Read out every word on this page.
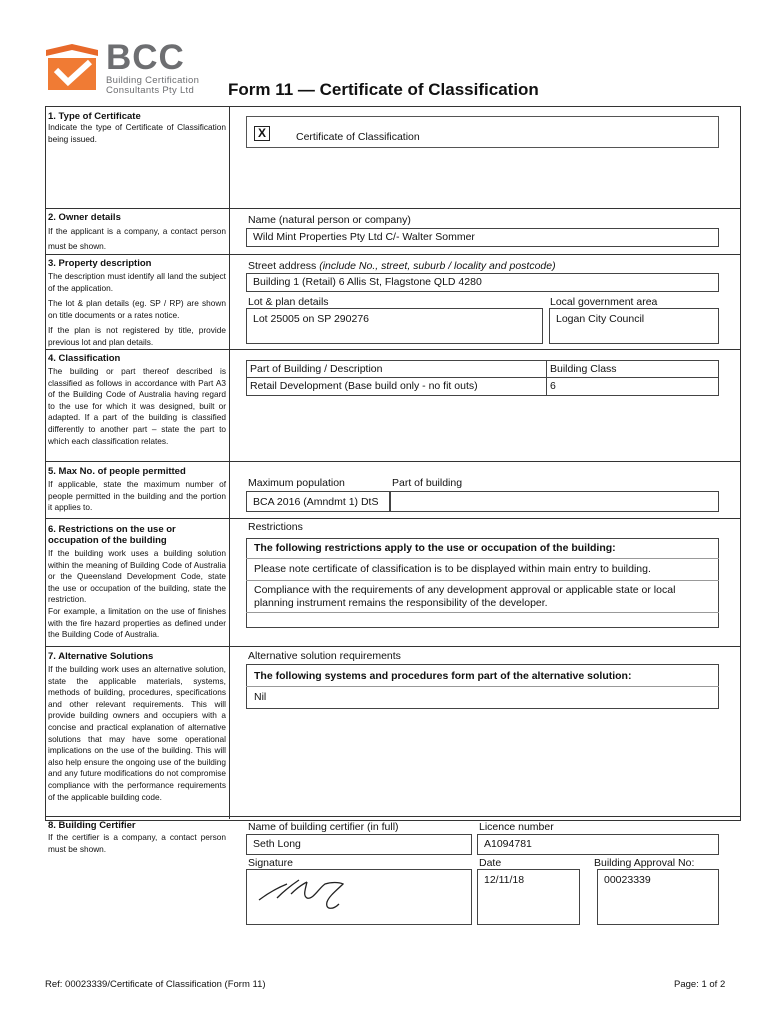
BCC
Building Certification
Consultants Pty Ltd	Form 11 — Certificate of Classification
1. Type of Certificate
Indicate the type of Certificate of Classification being issued.	X	Certificate of Classification
2. Owner details
If the applicant is a company, a contact person must be shown.
Name (natural person or company)
Wild Mint Properties Pty Ltd C/- Walter Sommer
3. Property description
The description must identify all land the subject of the application.
The lot & plan details (eg. SP / RP) are shown on title documents or a rates notice.
If the plan is not registered by title, provide previous lot and plan details.
Street address (include No., street, suburb / locality and postcode)
Building 1 (Retail) 6 Allis St, Flagstone QLD 4280
Lot & plan details	Local government area
Lot 25005 on SP 290276	Logan City Council
4. Classification
The building or part thereof described is classified as follows in accordance with Part A3 of the Building Code of Australia having regard to the use for which it was designed, built or adapted. If a part of the building is classified differently to another part – state the part to which each classification relates.
Part of Building / Description	Building Class
Retail Development (Base build only - no fit outs)	6
5. Max No. of people permitted
If applicable, state the maximum number of people permitted in the building and the portion it applies to.
Maximum population	Part of building
BCA 2016 (Amndmt 1) DtS
6. Restrictions on the use or occupation of the building
If the building work uses a building solution within the meaning of Building Code of Australia or the Queensland Development Code, state the use or occupation of the building, state the restriction.
For example, a limitation on the use of finishes with the fire hazard properties as defined under the Building Code of Australia.
Restrictions
The following restrictions apply to the use or occupation of the building:
Please note certificate of classification is to be displayed within main entry to building.
Compliance with the requirements of any development approval or applicable state or local planning instrument remains the responsibility of the developer.
7. Alternative Solutions
If the building work uses an alternative solution, state the applicable materials, systems, methods of building, procedures, specifications and other relevant requirements. This will provide building owners and occupiers with a concise and practical explanation of alternative solutions that may have some operational implications on the use of the building. This will also help ensure the ongoing use of the building and any future modifications do not compromise compliance with the performance requirements of the applicable building code.
Alternative solution requirements
The following systems and procedures form part of the alternative solution:
Nil
8. Building Certifier
If the certifier is a company, a contact person must be shown.
Name of building certifier (in full)
Seth Long
Licence number
A1094781
Signature	Date
12/11/18
Building Approval No:
00023339
Ref: 00023339/Certificate of Classification (Form 11)	Page: 1 of 2
